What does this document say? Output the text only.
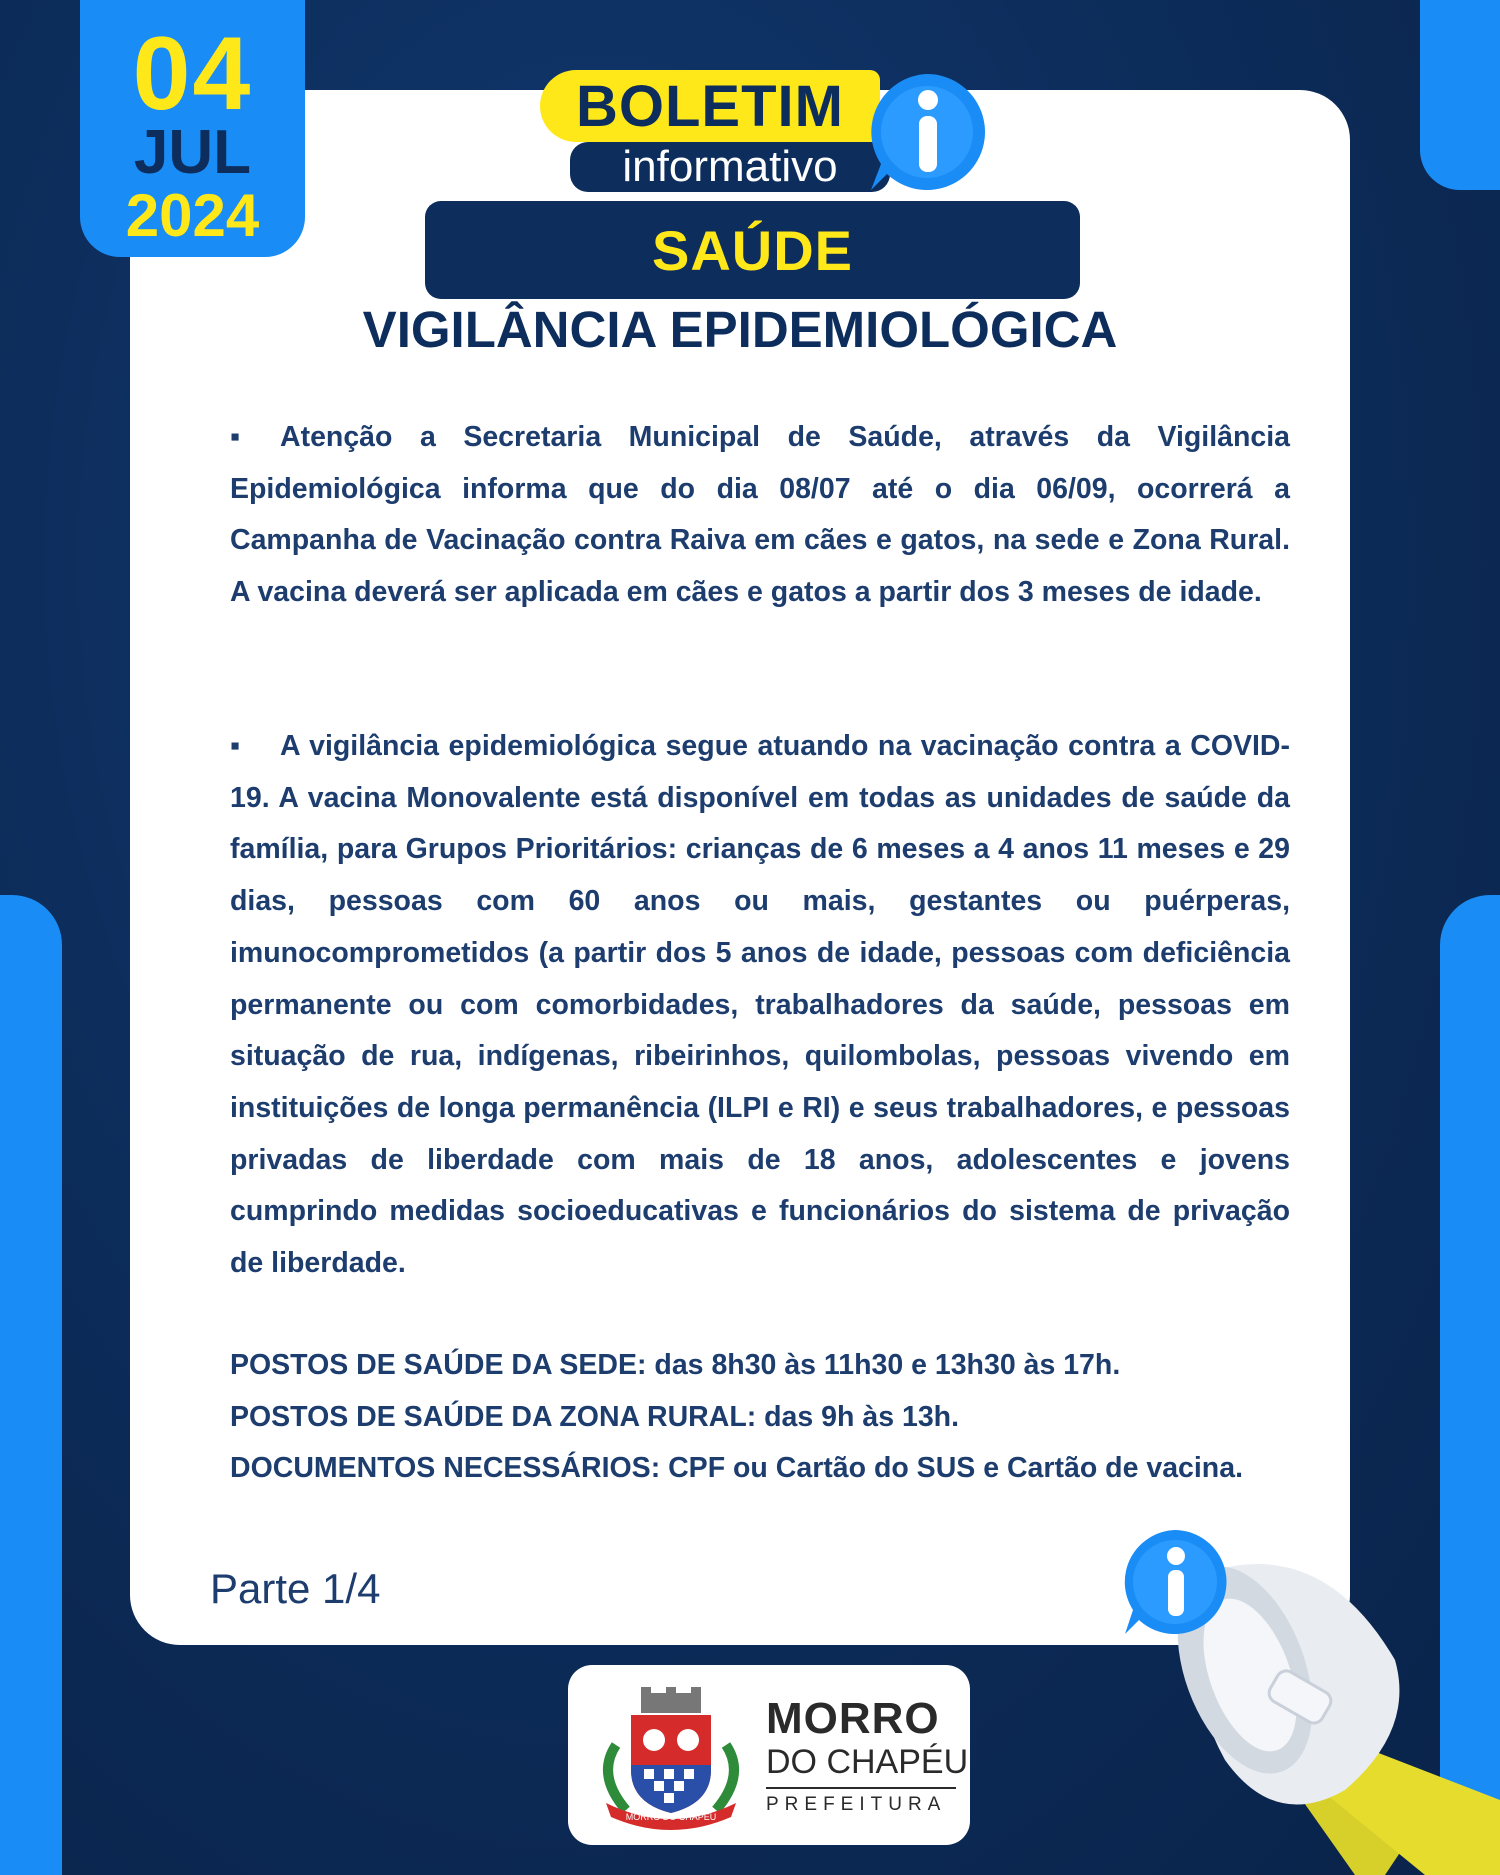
04
JUL
2024
BOLETIM
informativo
SAÚDE
VIGILÂNCIA EPIDEMIOLÓGICA
▪ Atenção a Secretaria Municipal de Saúde, através da Vigilância Epidemiológica informa que do dia 08/07 até o dia 06/09, ocorrerá a Campanha de Vacinação contra Raiva em cães e gatos, na sede e Zona Rural. A vacina deverá ser aplicada em cães e gatos a partir dos 3 meses de idade.
▪ A vigilância epidemiológica segue atuando na vacinação contra a COVID-19. A vacina Monovalente está disponível em todas as unidades de saúde da família, para Grupos Prioritários: crianças de 6 meses a 4 anos 11 meses e 29 dias, pessoas com 60 anos ou mais, gestantes ou puérperas, imunocomprometidos (a partir dos 5 anos de idade, pessoas com deficiência permanente ou com comorbidades, trabalhadores da saúde, pessoas em situação de rua, indígenas, ribeirinhos, quilombolas, pessoas vivendo em instituições de longa permanência (ILPI e RI) e seus trabalhadores, e pessoas privadas de liberdade com mais de 18 anos, adolescentes e jovens cumprindo medidas socioeducativas e funcionários do sistema de privação de liberdade.
POSTOS DE SAÚDE DA SEDE: das 8h30 às 11h30 e 13h30 às 17h.
POSTOS DE SAÚDE DA ZONA RURAL: das 9h às 13h.
DOCUMENTOS NECESSÁRIOS: CPF ou Cartão do SUS e Cartão de vacina.
Parte 1/4
MORRO DO CHAPÉU
MORRO
DO CHAPÉU
PREFEITURA
